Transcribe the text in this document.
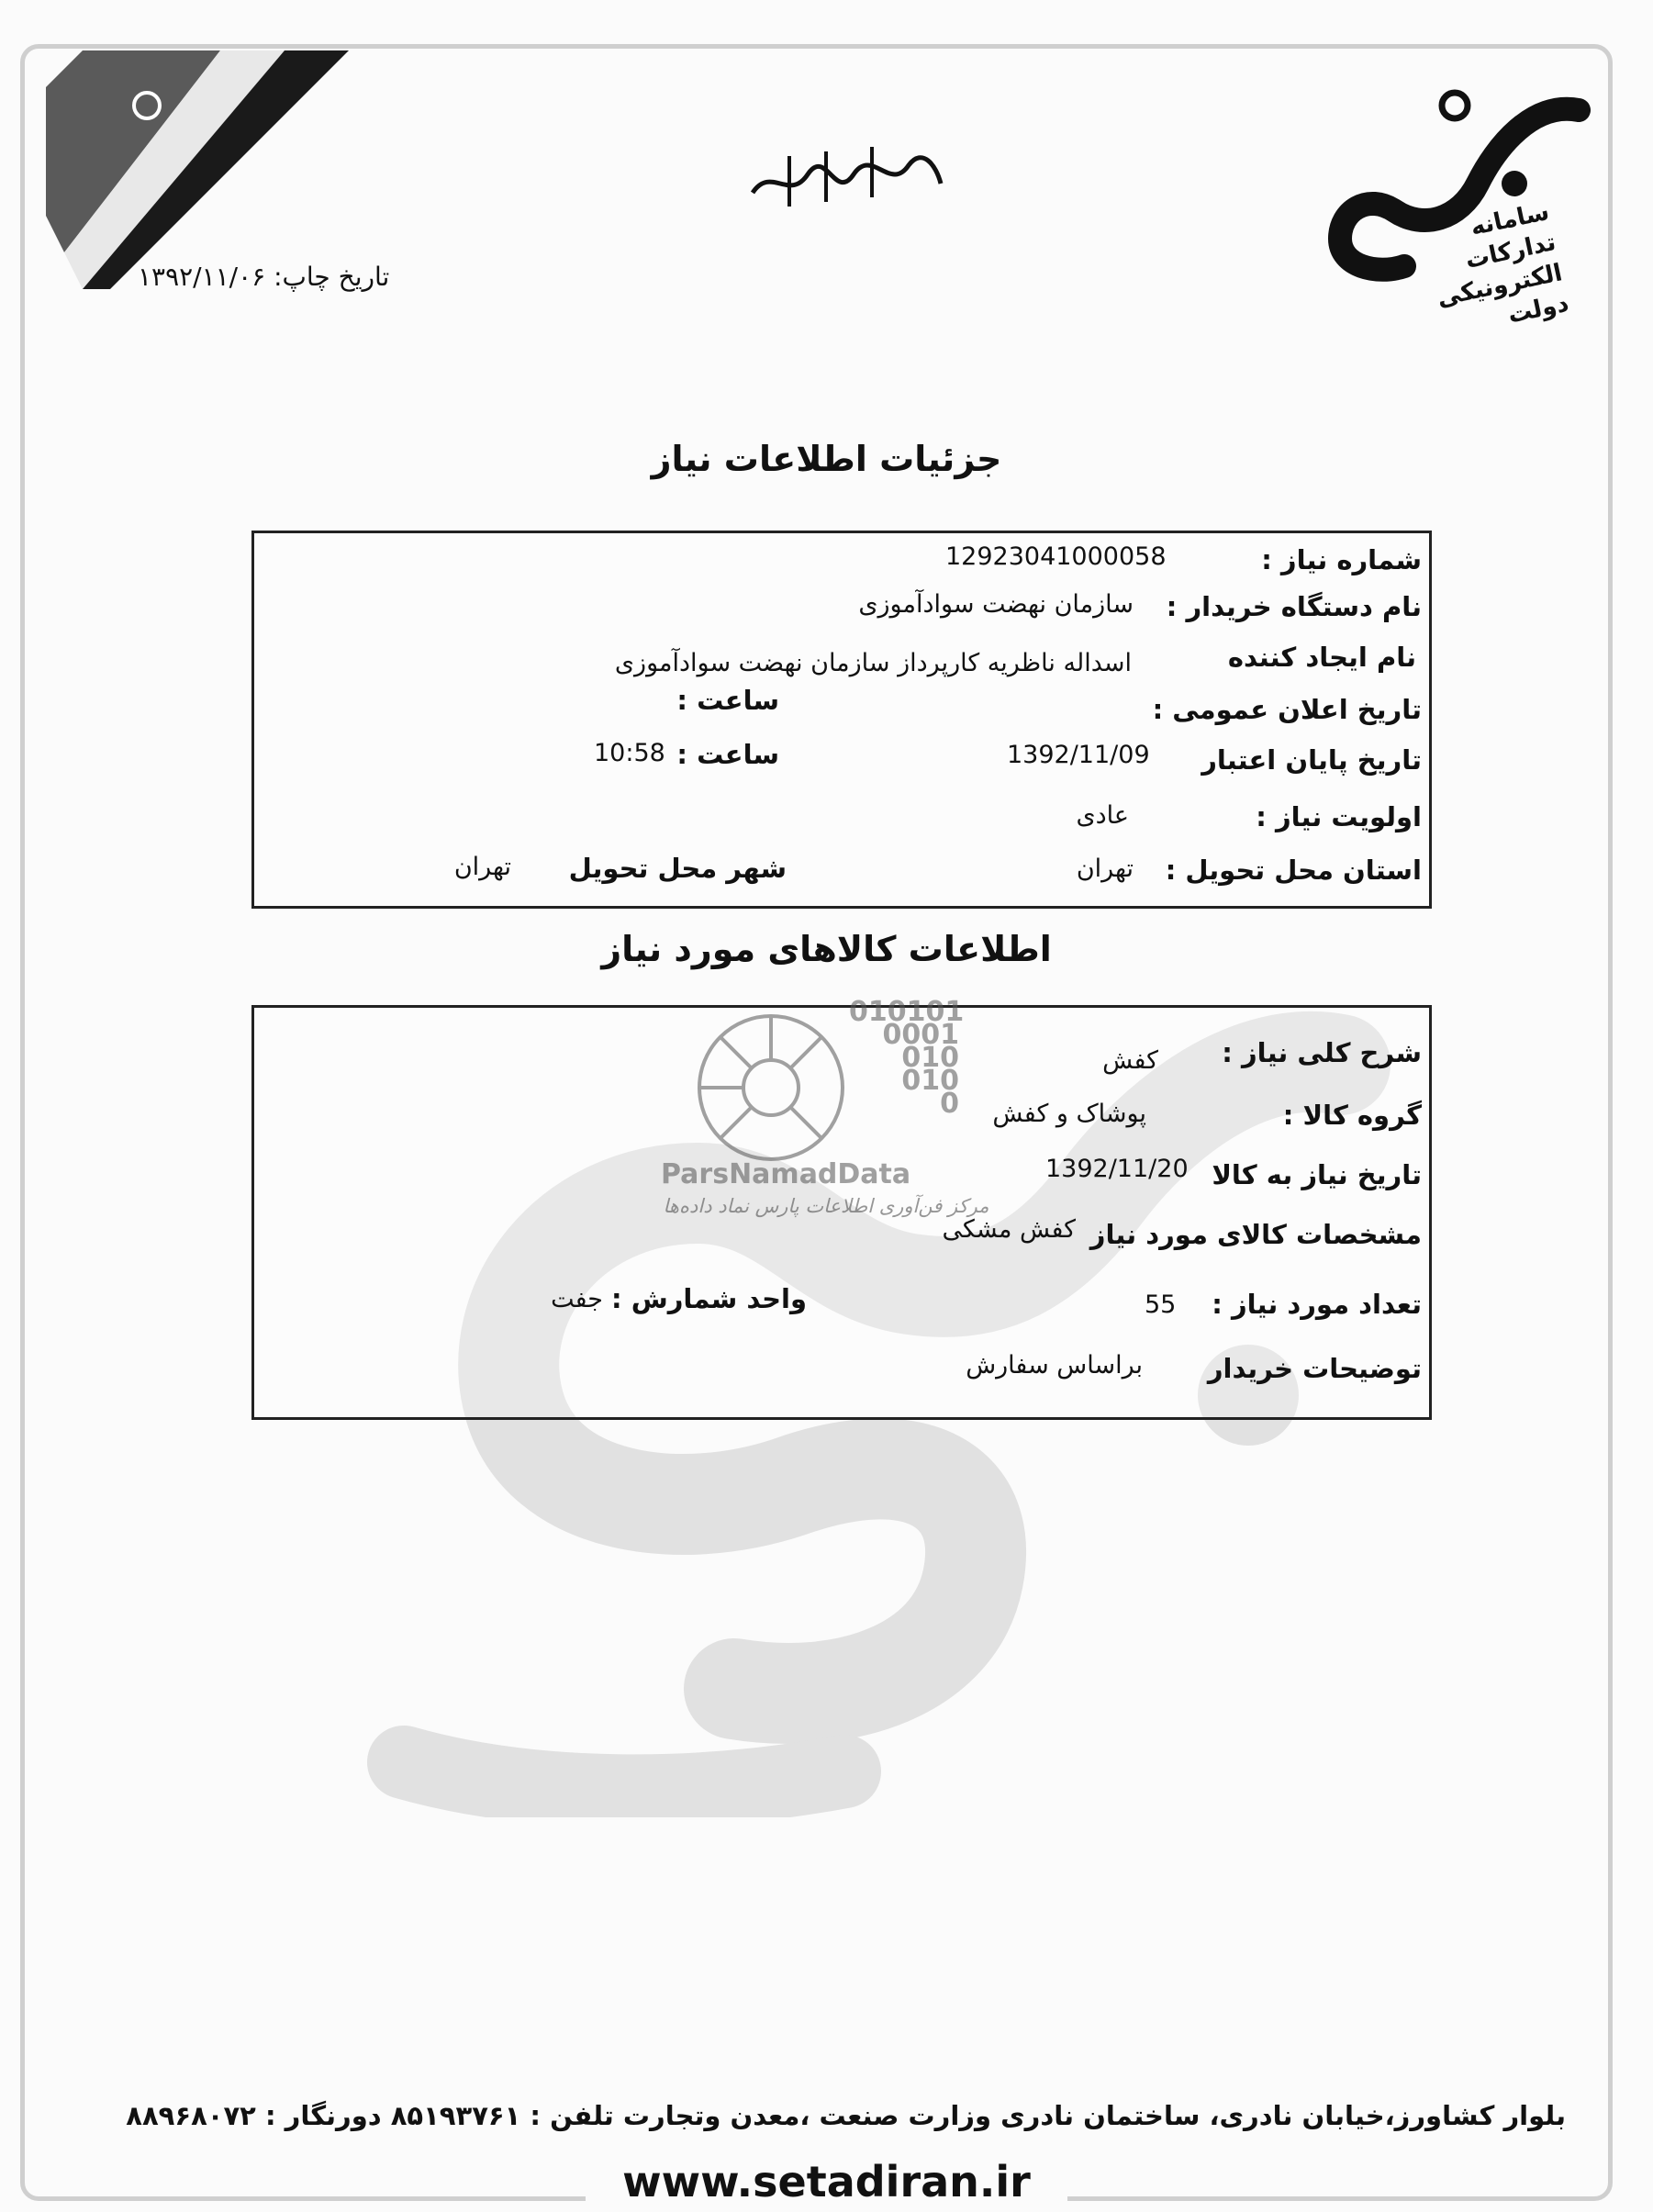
سامانه تدارکات الکترونیکی دولت
تاریخ چاپ: ۱۳۹۲/۱۱/۰۶
جزئیات اطلاعات نیاز
شماره نیاز :
12923041000058
نام دستگاه خریدار :
سازمان نهضت سوادآموزی
نام ایجاد کننده
اسداله ناظریه کارپرداز سازمان نهضت سوادآموزی
تاریخ اعلان عمومی :
ساعت :
تاریخ پایان اعتبار
1392/11/09
ساعت :
10:58
اولویت نیاز :
عادی
استان محل تحویل :
تهران
شهر محل تحویل
تهران
اطلاعات کالاهای مورد نیاز
شرح کلی نیاز :
کفش
گروه کالا :
پوشاک و کفش
تاریخ نیاز به کالا
1392/11/20
مشخصات کالای مورد نیاز
کفش مشکی
تعداد مورد نیاز :
55
واحد شمارش :
جفت
توضیحات خریدار
براساس سفارش
010101
0001
010
010
0
ParsNamadData
مرکز فن‌آوری اطلاعات پارس نماد داده‌ها
بلوار کشاورز،خیابان نادری، ساختمان نادری وزارت صنعت ،معدن وتجارت تلفن : ۸۵۱۹۳۷۶۱ دورنگار : ۸۸۹۶۸۰۷۲
www.setadiran.ir
